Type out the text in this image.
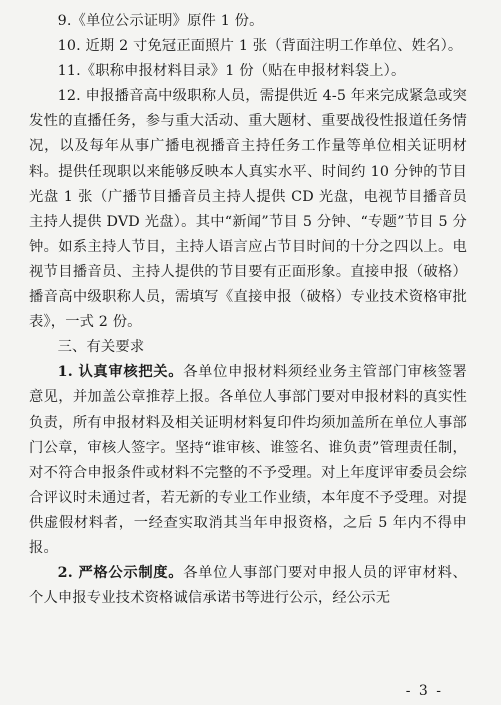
9.《单位公示证明》原件 1 份。

10. 近期 2 寸免冠正面照片 1 张（背面注明工作单位、姓名）。

11.《职称申报材料目录》1 份（贴在申报材料袋上）。

12. 申报播音高中级职称人员，需提供近 4-5 年来完成紧急或突发性的直播任务，参与重大活动、重大题材、重要战役性报道任务情况，以及每年从事广播电视播音主持任务工作量等单位相关证明材料。提供任现职以来能够反映本人真实水平、时间约 10 分钟的节目光盘 1 张（广播节目播音员主持人提供 CD 光盘，电视节目播音员主持人提供 DVD 光盘）。其中“新闻”节目 5 分钟、“专题”节目 5 分钟。如系主持人节目，主持人语言应占节目时间的十分之四以上。电视节目播音员、主持人提供的节目要有正面形象。直接申报（破格）播音高中级职称人员，需填写《直接申报（破格）专业技术资格审批表》，一式 2 份。

三、有关要求

1. 认真审核把关。各单位申报材料须经业务主管部门审核签署意见，并加盖公章推荐上报。各单位人事部门要对申报材料的真实性负责，所有申报材料及相关证明材料复印件均须加盖所在单位人事部门公章，审核人签字。坚持“谁审核、谁签名、谁负责”管理责任制，对不符合申报条件或材料不完整的不予受理。对上年度评审委员会综合评议时未通过者，若无新的专业工作业绩，本年度不予受理。对提供虚假材料者，一经查实取消其当年申报资格，之后 5 年内不得申报。

2. 严格公示制度。各单位人事部门要对申报人员的评审材料、个人申报专业技术资格诚信承诺书等进行公示，经公示无

- 3 -
